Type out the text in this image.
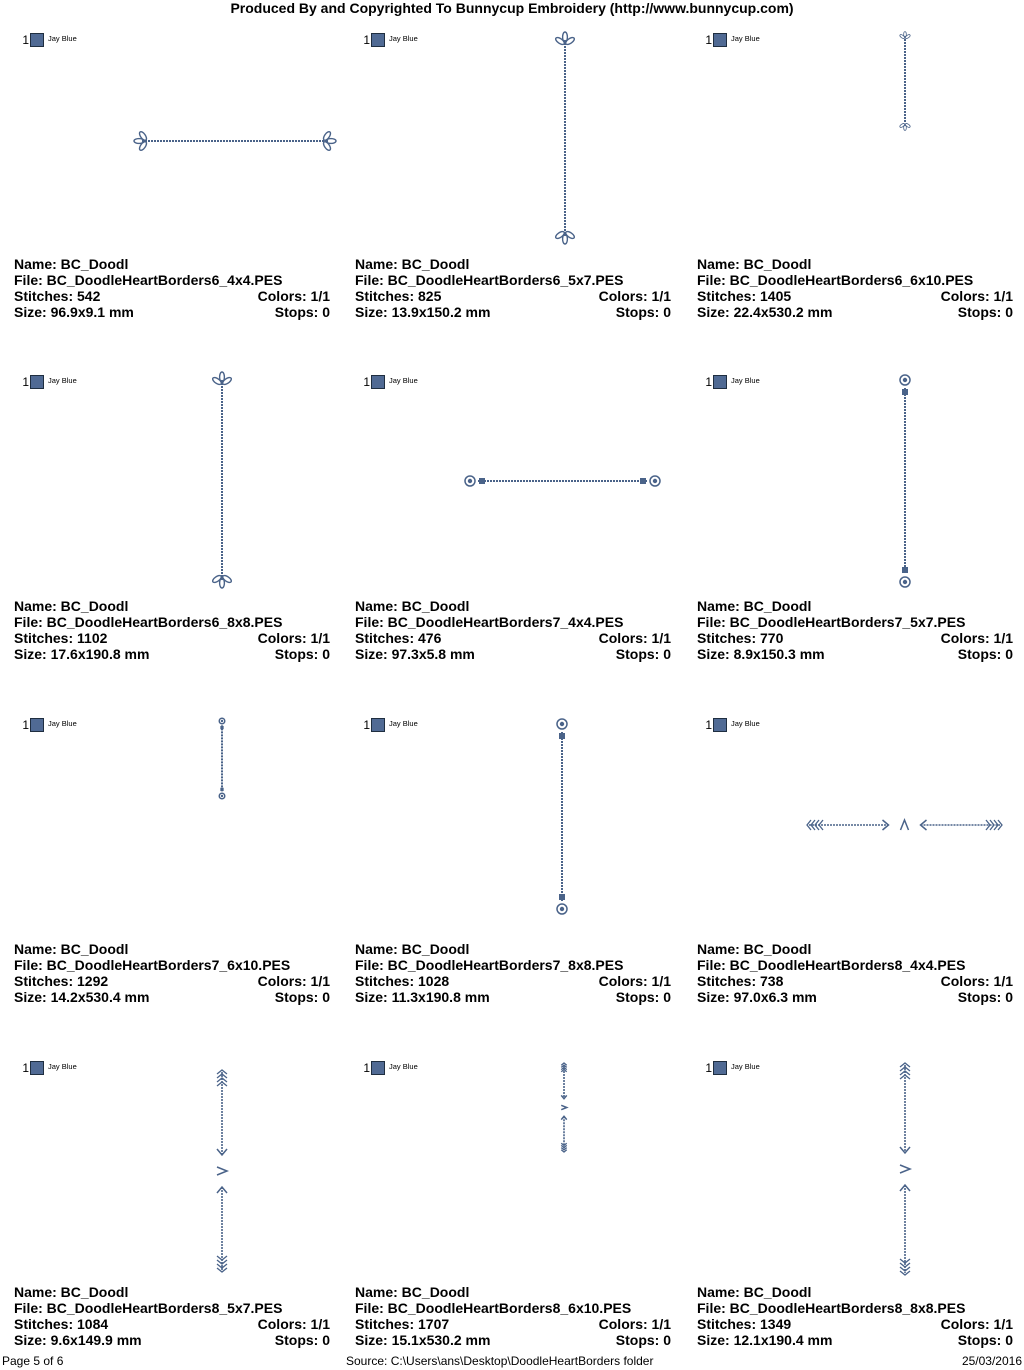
Produced By and Copyrighted To Bunnycup Embroidery (http://www.bunnycup.com)
1	Jay Blue
Name: BC_Doodl
File: BC_DoodleHeartBorders6_4x4.PES
Stitches: 542	Colors: 1/1
Size: 96.9x9.1 mm	Stops: 0
1	Jay Blue
Name: BC_Doodl
File: BC_DoodleHeartBorders6_5x7.PES
Stitches: 825	Colors: 1/1
Size: 13.9x150.2 mm	Stops: 0
1	Jay Blue
Name: BC_Doodl
File: BC_DoodleHeartBorders6_6x10.PES
Stitches: 1405	Colors: 1/1
Size: 22.4x530.2 mm	Stops: 0
1	Jay Blue
Name: BC_Doodl
File: BC_DoodleHeartBorders6_8x8.PES
Stitches: 1102	Colors: 1/1
Size: 17.6x190.8 mm	Stops: 0
1	Jay Blue
Name: BC_Doodl
File: BC_DoodleHeartBorders7_4x4.PES
Stitches: 476	Colors: 1/1
Size: 97.3x5.8 mm	Stops: 0
1	Jay Blue
Name: BC_Doodl
File: BC_DoodleHeartBorders7_5x7.PES
Stitches: 770	Colors: 1/1
Size: 8.9x150.3 mm	Stops: 0
1	Jay Blue
Name: BC_Doodl
File: BC_DoodleHeartBorders7_6x10.PES
Stitches: 1292	Colors: 1/1
Size: 14.2x530.4 mm	Stops: 0
1	Jay Blue
Name: BC_Doodl
File: BC_DoodleHeartBorders7_8x8.PES
Stitches: 1028	Colors: 1/1
Size: 11.3x190.8 mm	Stops: 0
1	Jay Blue
Name: BC_Doodl
File: BC_DoodleHeartBorders8_4x4.PES
Stitches: 738	Colors: 1/1
Size: 97.0x6.3 mm	Stops: 0
1	Jay Blue
Name: BC_Doodl
File: BC_DoodleHeartBorders8_5x7.PES
Stitches: 1084	Colors: 1/1
Size: 9.6x149.9 mm	Stops: 0
1	Jay Blue
Name: BC_Doodl
File: BC_DoodleHeartBorders8_6x10.PES
Stitches: 1707	Colors: 1/1
Size: 15.1x530.2 mm	Stops: 0
1	Jay Blue
Name: BC_Doodl
File: BC_DoodleHeartBorders8_8x8.PES
Stitches: 1349	Colors: 1/1
Size: 12.1x190.4 mm	Stops: 0
Page 5 of 6	Source: C:\Users\ans\Desktop\DoodleHeartBorders folder	25/03/2016
